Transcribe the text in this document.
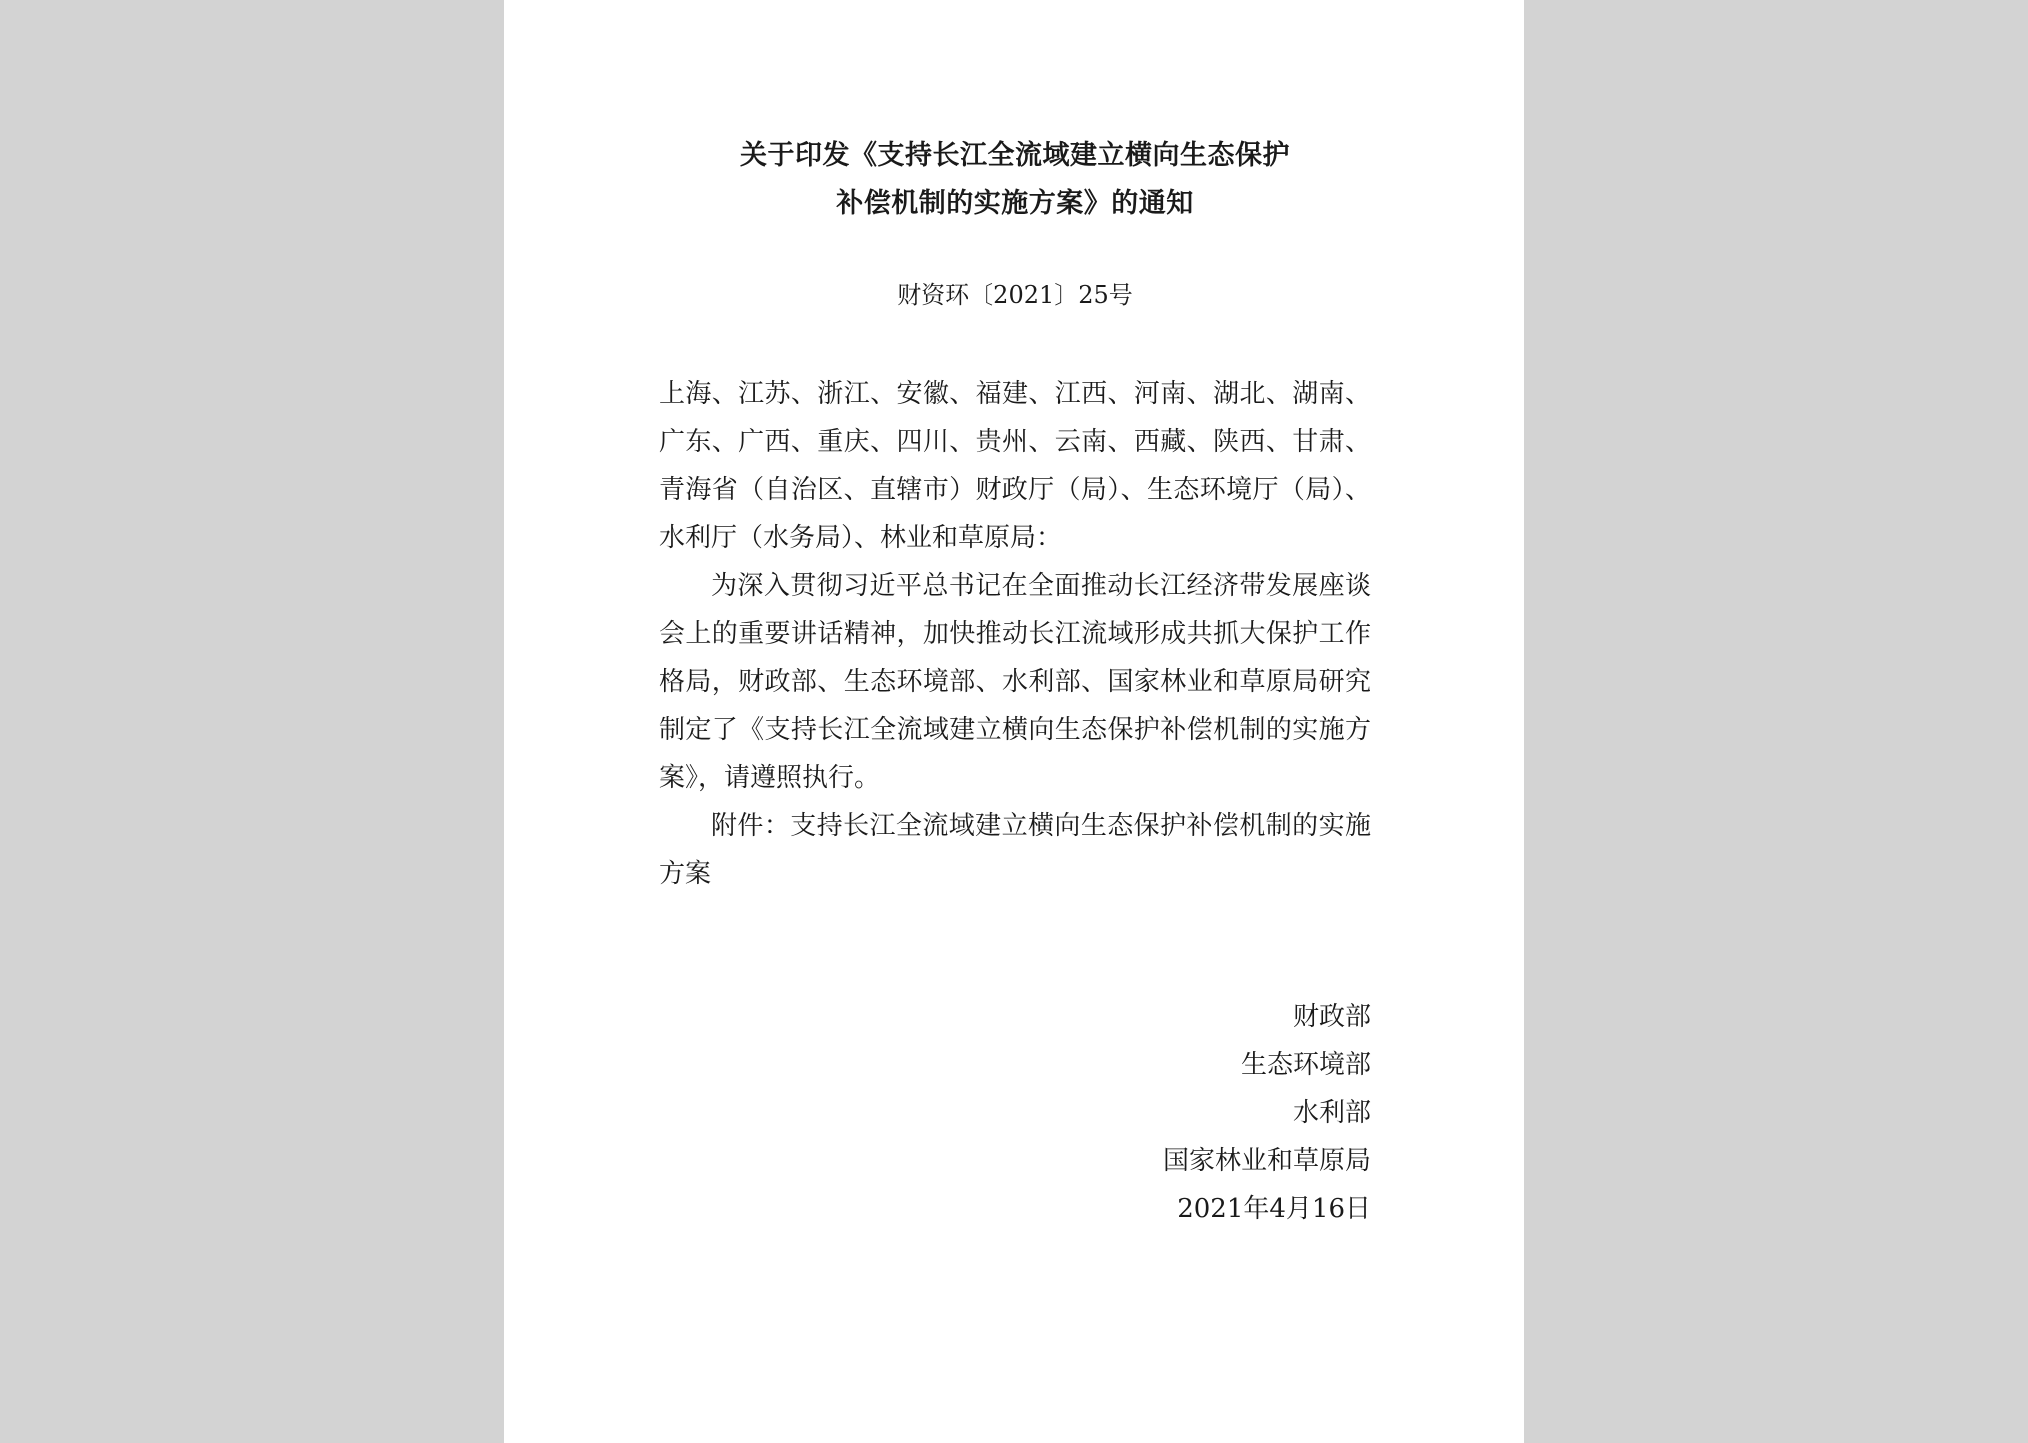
关于印发《支持长江全流域建立横向生态保护
补偿机制的实施方案》的通知
财资环〔2021〕25号

上海、江苏、浙江、安徽、福建、江西、河南、湖北、湖南、广东、广西、重庆、四川、贵州、云南、西藏、陕西、甘肃、青海省（自治区、直辖市）财政厅（局）、生态环境厅（局）、水利厅（水务局）、林业和草原局：

为深入贯彻习近平总书记在全面推动长江经济带发展座谈会上的重要讲话精神，加快推动长江流域形成共抓大保护工作格局，财政部、生态环境部、水利部、国家林业和草原局研究制定了《支持长江全流域建立横向生态保护补偿机制的实施方案》，请遵照执行。

附件：支持长江全流域建立横向生态保护补偿机制的实施方案

财政部
生态环境部
水利部
国家林业和草原局
2021年4月16日
